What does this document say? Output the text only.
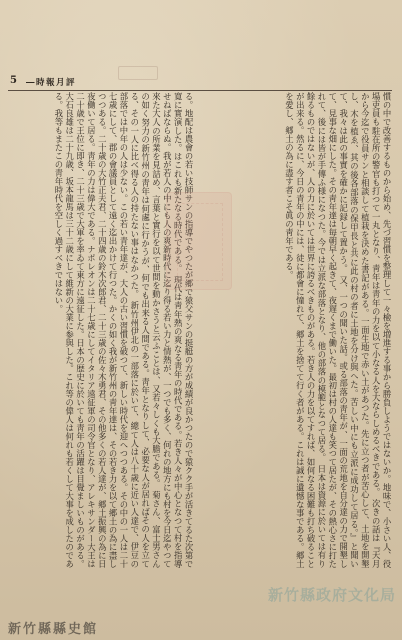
5 ―時報月評
慣の中で改善するものから始め、先づ習慣を整理して一々檢を増進する事から勝負しようではないか。地味で、小さい人、役場吏員も駐在所の警官も打つて一丸となり、靑年は靑年の力を以て小なる人を大ならしめるべきである。 次きの話は『天月から今迄で役員サンと相談して植栽を決めた書記がある。一面生地で赤い土があつた。先に立つ者が苦心して、土地を開墾し、木を植ゑ、其の後各部落の保甲長と共に此の村の者に土地を分け與へた。苦しい中にも立派に成功して居る。』と聞いて、我々は此の事實を確かに記録して置かう。 又、一つの聞いた話。或る部落の靑年が、一面の荒地を自分達の力で開墾して、見事な畑にした。その靑年達は毎朝早く起きて、夜遅くまで働いた。最初は村の人達も笑つて居たが、その熱心さに打たれて、後には皆が手傳ふ様になつた。今では立派な部落となり、他の部落の模範となつて居る。 日本は資源に於いては有り餘るものではないが、人の力に於いては世界に誇るべきものがある。若き人の力を以てすれば、如何なる困難も打ち破ることが出来る。然るに、今日の青年の中には、徒に都會に憧れて、郷土を捨てて行く者がある。これは誠に遺憾な事である。郷土を愛し、郷土の為に盡す者こそ眞の靑年である。
る。地配は農會の若い技師サンの指導でやつたが郷で猿父サンの挺艇の方が成績が良かつたので猿クク手が活きてるた次第で寛に實演した。はこれも新たなる時代である。 現代は靑年熱の爽なる靑年の時代である。若き人々が中心となつて村を指導せねばならぬ。我が若人の中にも人の爽新時代に迄り得る若い力と情熱が、一つでも多く、何れの地方にも村を今日迄やつて來た大人の所業を見詰め、言葉と實行を以て世間を動かさうと云ふことは、又若々しくも大膽である。 菊さん、富士男さんの如く努力の新竹州の靑年は何處に行かうが、何でも出来る人間である。靑年となりして、必要な人が居ればその人を立てる、その一人に比べ得る人の持たない事はなかつた。 新竹州伊北の一部落に於いて、總て人は八十歳に近い人達で、伊豆の部落では中年の人は少ない。この若い青年達が、大人の古い習慣を破つて、新しい時代を迎へつつある。その中の一人は二十七歳にして、郡の會議員として遠く迄出かけて行つた。かくの如く我が新竹州の靑年達は、その若き力を以て郷土の為に盡しつつある。二十歳の大竹正夫君、二十四歳の鈴木次郎君、二十三歳の佐々木勇君、その他多くの若人達が、郷土振興の為に日夜働いて居る。靑年の力は偉大である。ナポレオンは二十七歳にしてイタリア遠征軍の司令官となり、アレキサンダー大王は二十歳で王位に即き、二十三歳で大軍を率ゐて東方に遠征した。日本の歴史に於いても靑年の活躍は目覺ましいものがある。大石良雄は二十九歳、坂本龍馬は三十二歳にして維新の大業に参與した。これ等の偉人は何れも若くして大事を成したのである。我等もまたこの靑年時代を空しく過すべきではない。
新竹縣政府文化局
新竹縣縣史館
